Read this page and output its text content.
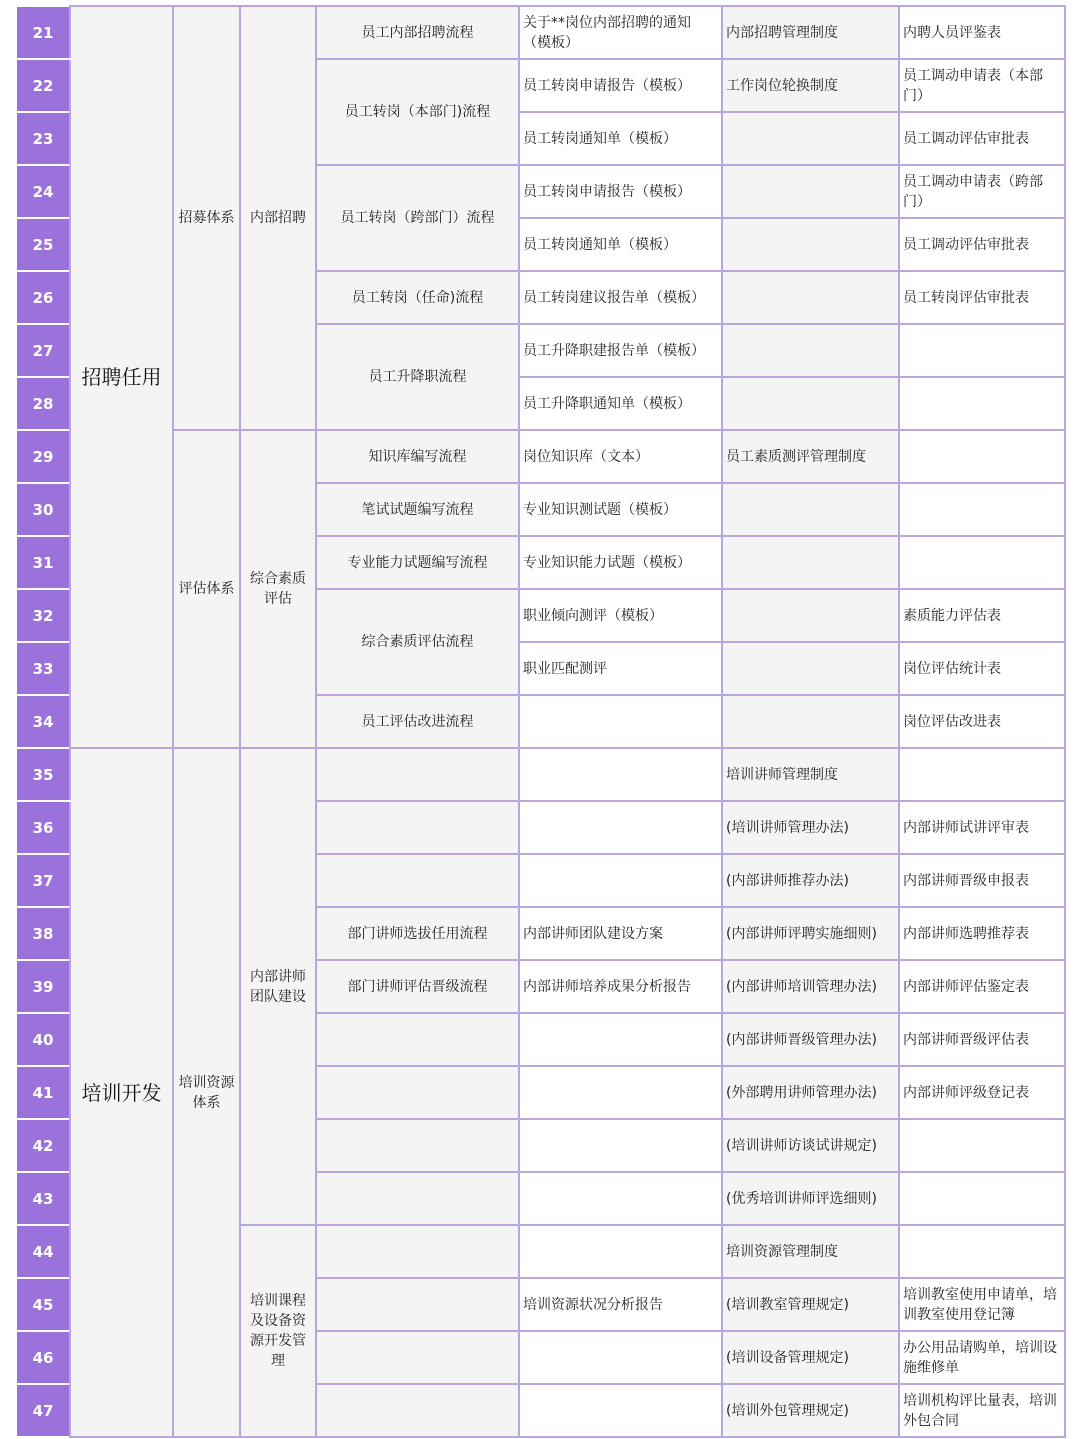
21	招聘任用	招募体系	内部招聘	员工内部招聘流程	关于**岗位内部招聘的通知（模板）	内部招聘管理制度	内聘人员评鉴表
22				员工转岗（本部门)流程	员工转岗申请报告（模板）	工作岗位轮换制度	员工调动申请表（本部门）
23					员工转岗通知单（模板）		员工调动评估审批表
24				员工转岗（跨部门）流程	员工转岗申请报告（模板）		员工调动申请表（跨部门）
25					员工转岗通知单（模板）		员工调动评估审批表
26				员工转岗（任命)流程	员工转岗建议报告单（模板）		员工转岗评估审批表
27				员工升降职流程	员工升降职建报告单（模板）		
28					员工升降职通知单（模板）		
29		评估体系	综合素质评估	知识库编写流程	岗位知识库（文本）	员工素质测评管理制度	
30				笔试试题编写流程	专业知识测试题（模板）		
31				专业能力试题编写流程	专业知识能力试题（模板）		
32				综合素质评估流程	职业倾向测评（模板）		素质能力评估表
33					职业匹配测评		岗位评估统计表
34				员工评估改进流程			岗位评估改进表
35	培训开发	培训资源体系	内部讲师团队建设			培训讲师管理制度	
36						(培训讲师管理办法)	内部讲师试讲评审表
37						(内部讲师推荐办法)	内部讲师晋级申报表
38				部门讲师选拔任用流程	内部讲师团队建设方案	(内部讲师评聘实施细则)	内部讲师选聘推荐表
39				部门讲师评估晋级流程	内部讲师培养成果分析报告	(内部讲师培训管理办法)	内部讲师评估鉴定表
40						(内部讲师晋级管理办法)	内部讲师晋级评估表
41						(外部聘用讲师管理办法)	内部讲师评级登记表
42						(培训讲师访谈试讲规定)	
43						(优秀培训讲师评选细则)	
44			培训课程及设备资源开发管理			培训资源管理制度	
45					培训资源状况分析报告	(培训教室管理规定)	培训教室使用申请单，培训教室使用登记簿
46						(培训设备管理规定)	办公用品请购单，培训设施维修单
47						(培训外包管理规定)	培训机构评比量表，培训外包合同
